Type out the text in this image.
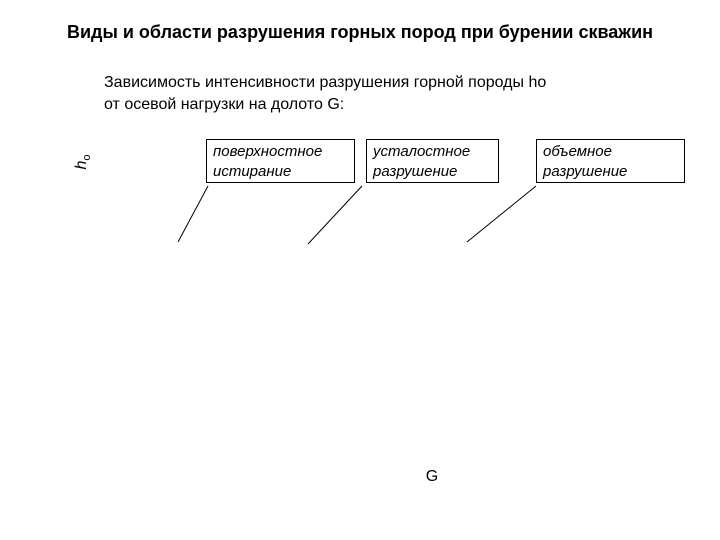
Виды и области разрушения горных пород при бурении скважин
Зависимость интенсивности разрушения горной породы hо
от осевой нагрузки на долото G:
$h_o$	поверхностное
истирание
усталостное
разрушение
объемное
разрушение
G
